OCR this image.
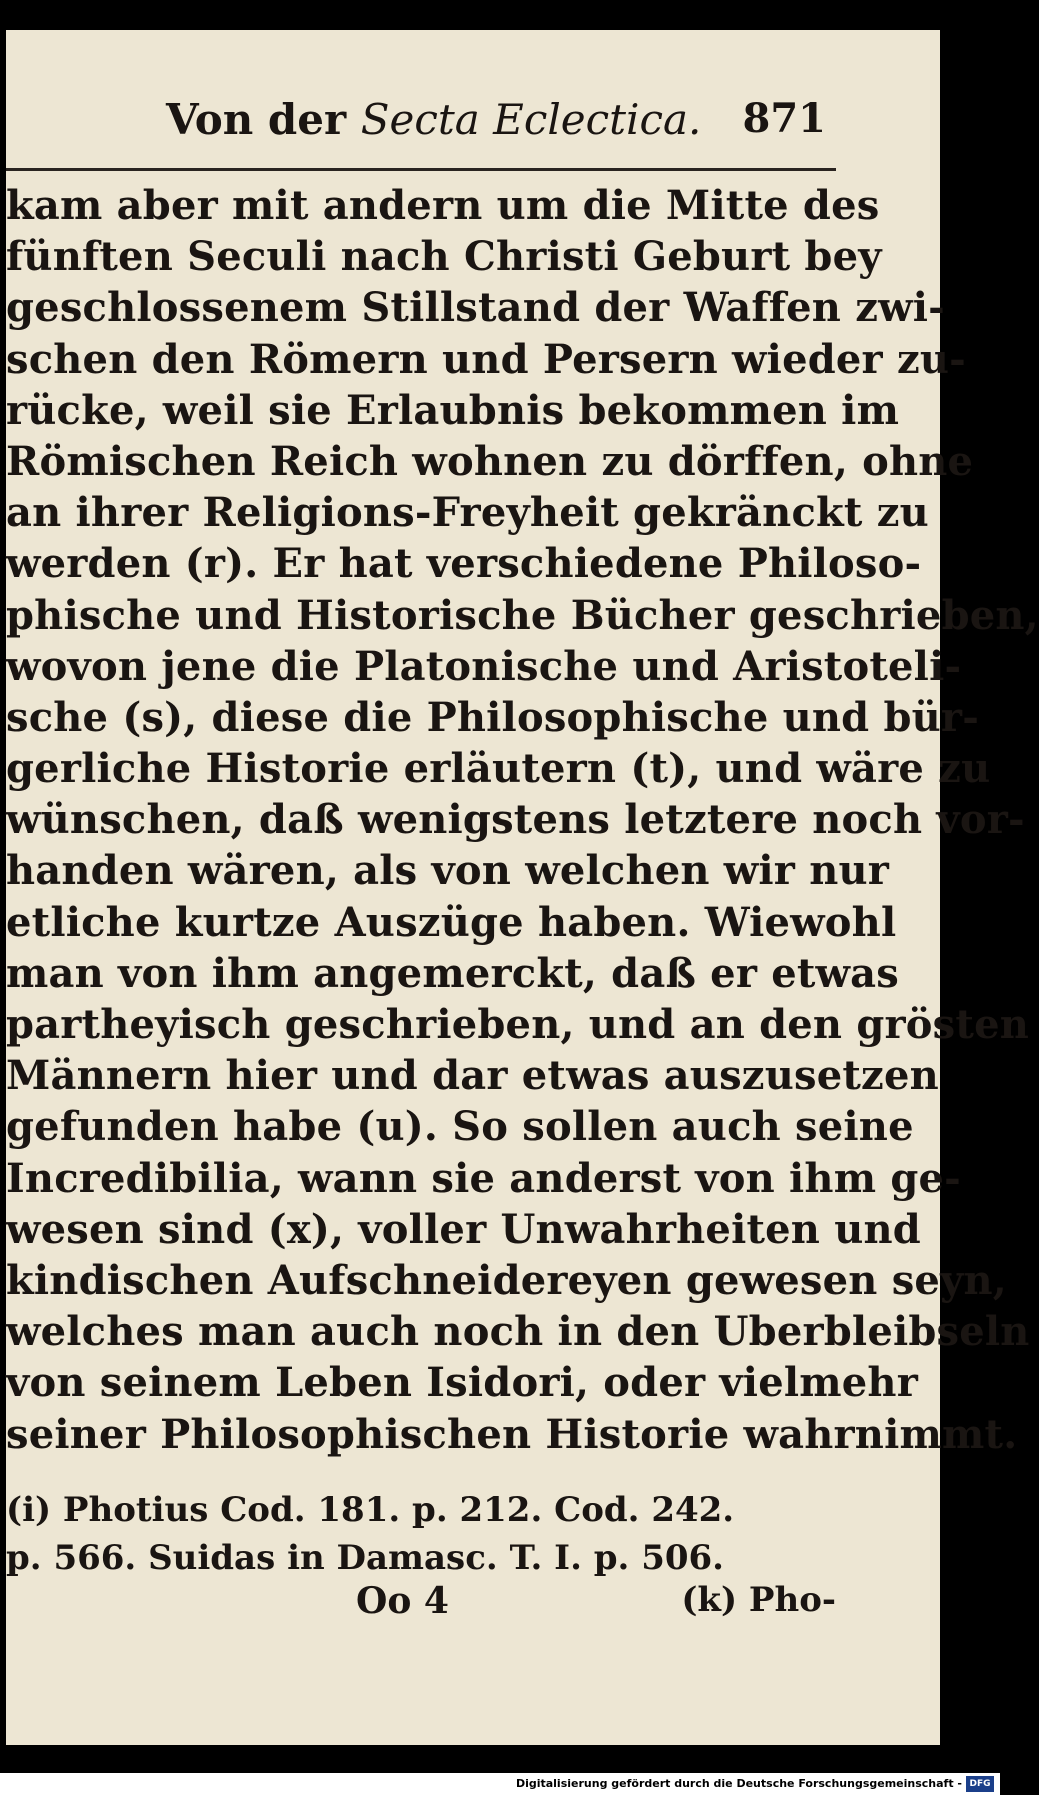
Von der Secta Eclectica. 871
kam aber mit andern um die Mitte des
fünften Seculi nach Christi Geburt bey
geschlossenem Stillstand der Waffen zwi-
schen den Römern und Persern wieder zu-
rücke, weil sie Erlaubnis bekommen im
Römischen Reich wohnen zu dörffen, ohne
an ihrer Religions-Freyheit gekränckt zu
werden (r). Er hat verschiedene Philoso-
phische und Historische Bücher geschrieben,
wovon jene die Platonische und Aristoteli-
sche (s), diese die Philosophische und bür-
gerliche Historie erläutern (t), und wäre zu
wünschen, daß wenigstens letztere noch vor-
handen wären, als von welchen wir nur
etliche kurtze Auszüge haben. Wiewohl
man von ihm angemerckt, daß er etwas
partheyisch geschrieben, und an den grösten
Männern hier und dar etwas auszusetzen
gefunden habe (u). So sollen auch seine
Incredibilia, wann sie anderst von ihm ge-
wesen sind (x), voller Unwahrheiten und
kindischen Aufschneidereyen gewesen seyn,
welches man auch noch in den Uberbleibseln
von seinem Leben Isidori, oder vielmehr
seiner Philosophischen Historie wahrnimmt.
(i) Photius Cod. 181. p. 212. Cod. 242.
p. 566. Suidas in Damasc. T. I. p. 506.
Oo 4	(k) Pho-
Digitalisierung gefördert durch die Deutsche Forschungsgemeinschaft - DFG
